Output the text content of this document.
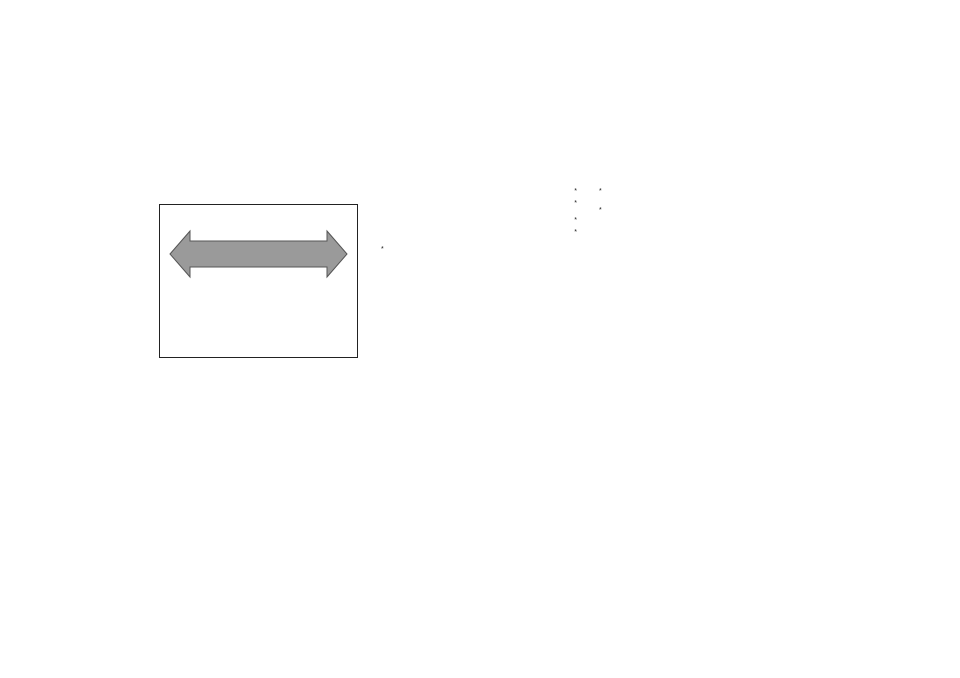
*

*

*

*

*

*

*
